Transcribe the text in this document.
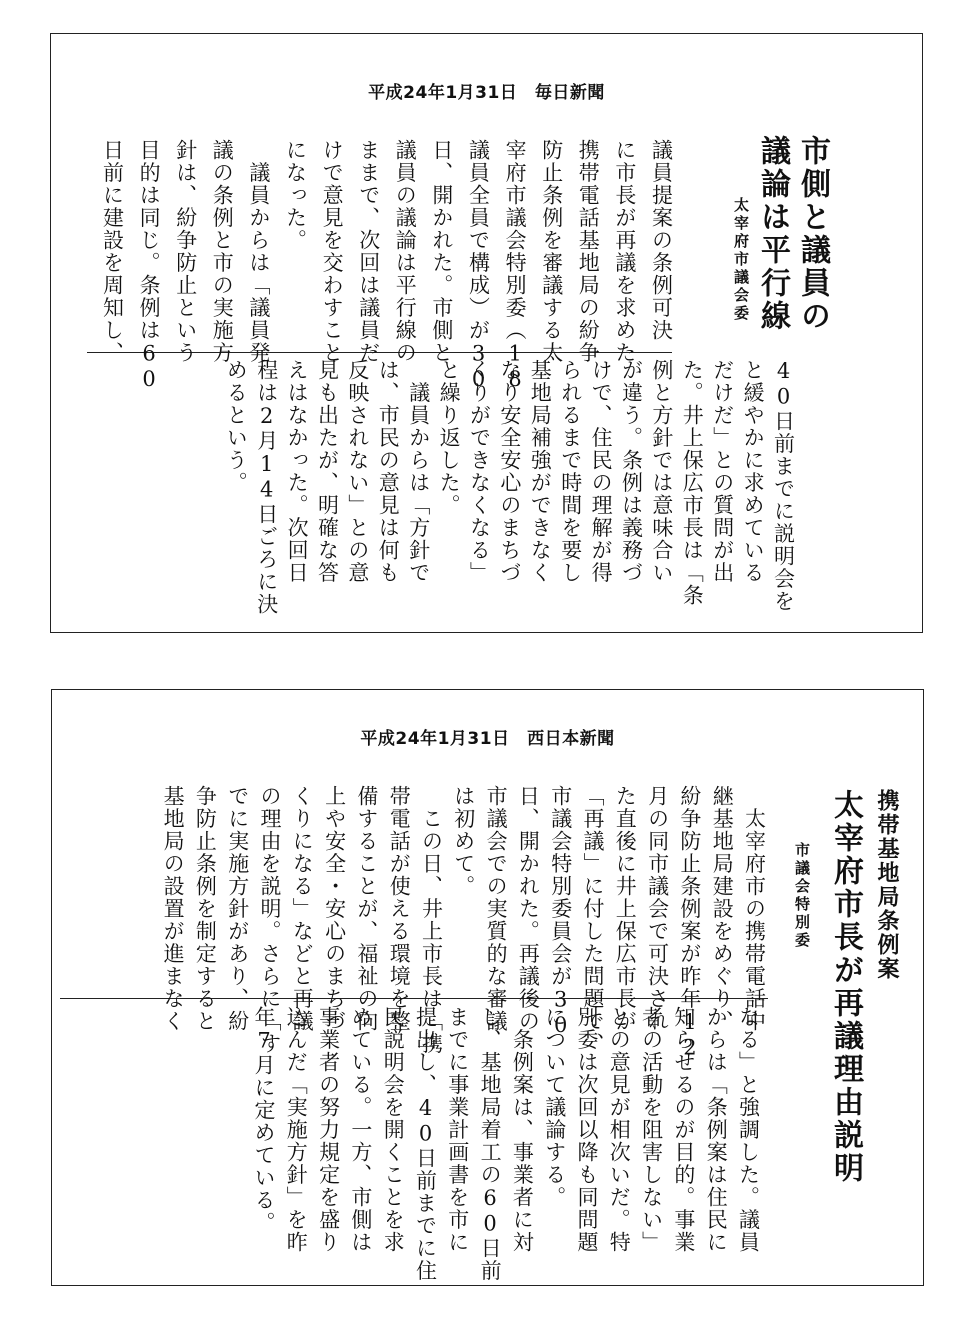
平成24年1月31日　毎日新聞
市側と議員の
議論は平行線
太宰府市議会委
議員提案の条例可決
に市長が再議を求めた
携帯電話基地局の紛争
防止条例を審議する太
宰府市議会特別委（18
議員全員で構成）が30
日、開かれた。市側と
議員の議論は平行線の
ままで、次回は議員だ
けで意見を交わすこと
になった。
　議員からは「議員発
議の条例と市の実施方
針は、紛争防止という
目的は同じ。条例は60
日前に建設を周知し、
40日前までに説明会を
と緩やかに求めている
だけだ」との質問が出
た。井上保広市長は「条
例と方針では意味合い
が違う。条例は義務づ
けで、住民の理解が得
られるまで時間を要し
基地局補強ができなく
なり安全安心のまちづ
くりができなくなる」
と繰り返した。
　議員からは「方針で
は、市民の意見は何も
反映されない」との意
見も出たが、明確な答
えはなかった。次回日
程は2月14日ごろに決
めるという。
平成24年1月31日　西日本新聞
携帯基地局条例案
太宰府市長が再議理由説明
市議会特別委
　太宰府市の携帯電話中
継基地局建設をめぐり、
紛争防止条例案が昨年12
月の同市議会で可決され
た直後に井上保広市長が
「再議」に付した問題で、
市議会特別委員会が30
日、開かれた。再議後の
市議会での実質的な審議
は初めて。
　この日、井上市長は「携
帯電話が使える環境を整
備することが、福祉の向
上や安全・安心のまちづ
くりになる」などと再議
の理由を説明。さらに「す
でに実施方針があり、紛
争防止条例を制定すると
基地局の設置が進まなく
なる」と強調した。議員
からは「条例案は住民に
知らせるのが目的。事業
者の活動を阻害しない」
との意見が相次いだ。特
別委は次回以降も同問題
について議論する。
　条例案は、事業者に対
し、基地局着工の60日前
までに事業計画書を市に
提出し、40日前までに住
民説明会を開くことを求
めている。一方、市側は
事業者の努力規定を盛り
込んだ「実施方針」を昨
年7月に定めている。
